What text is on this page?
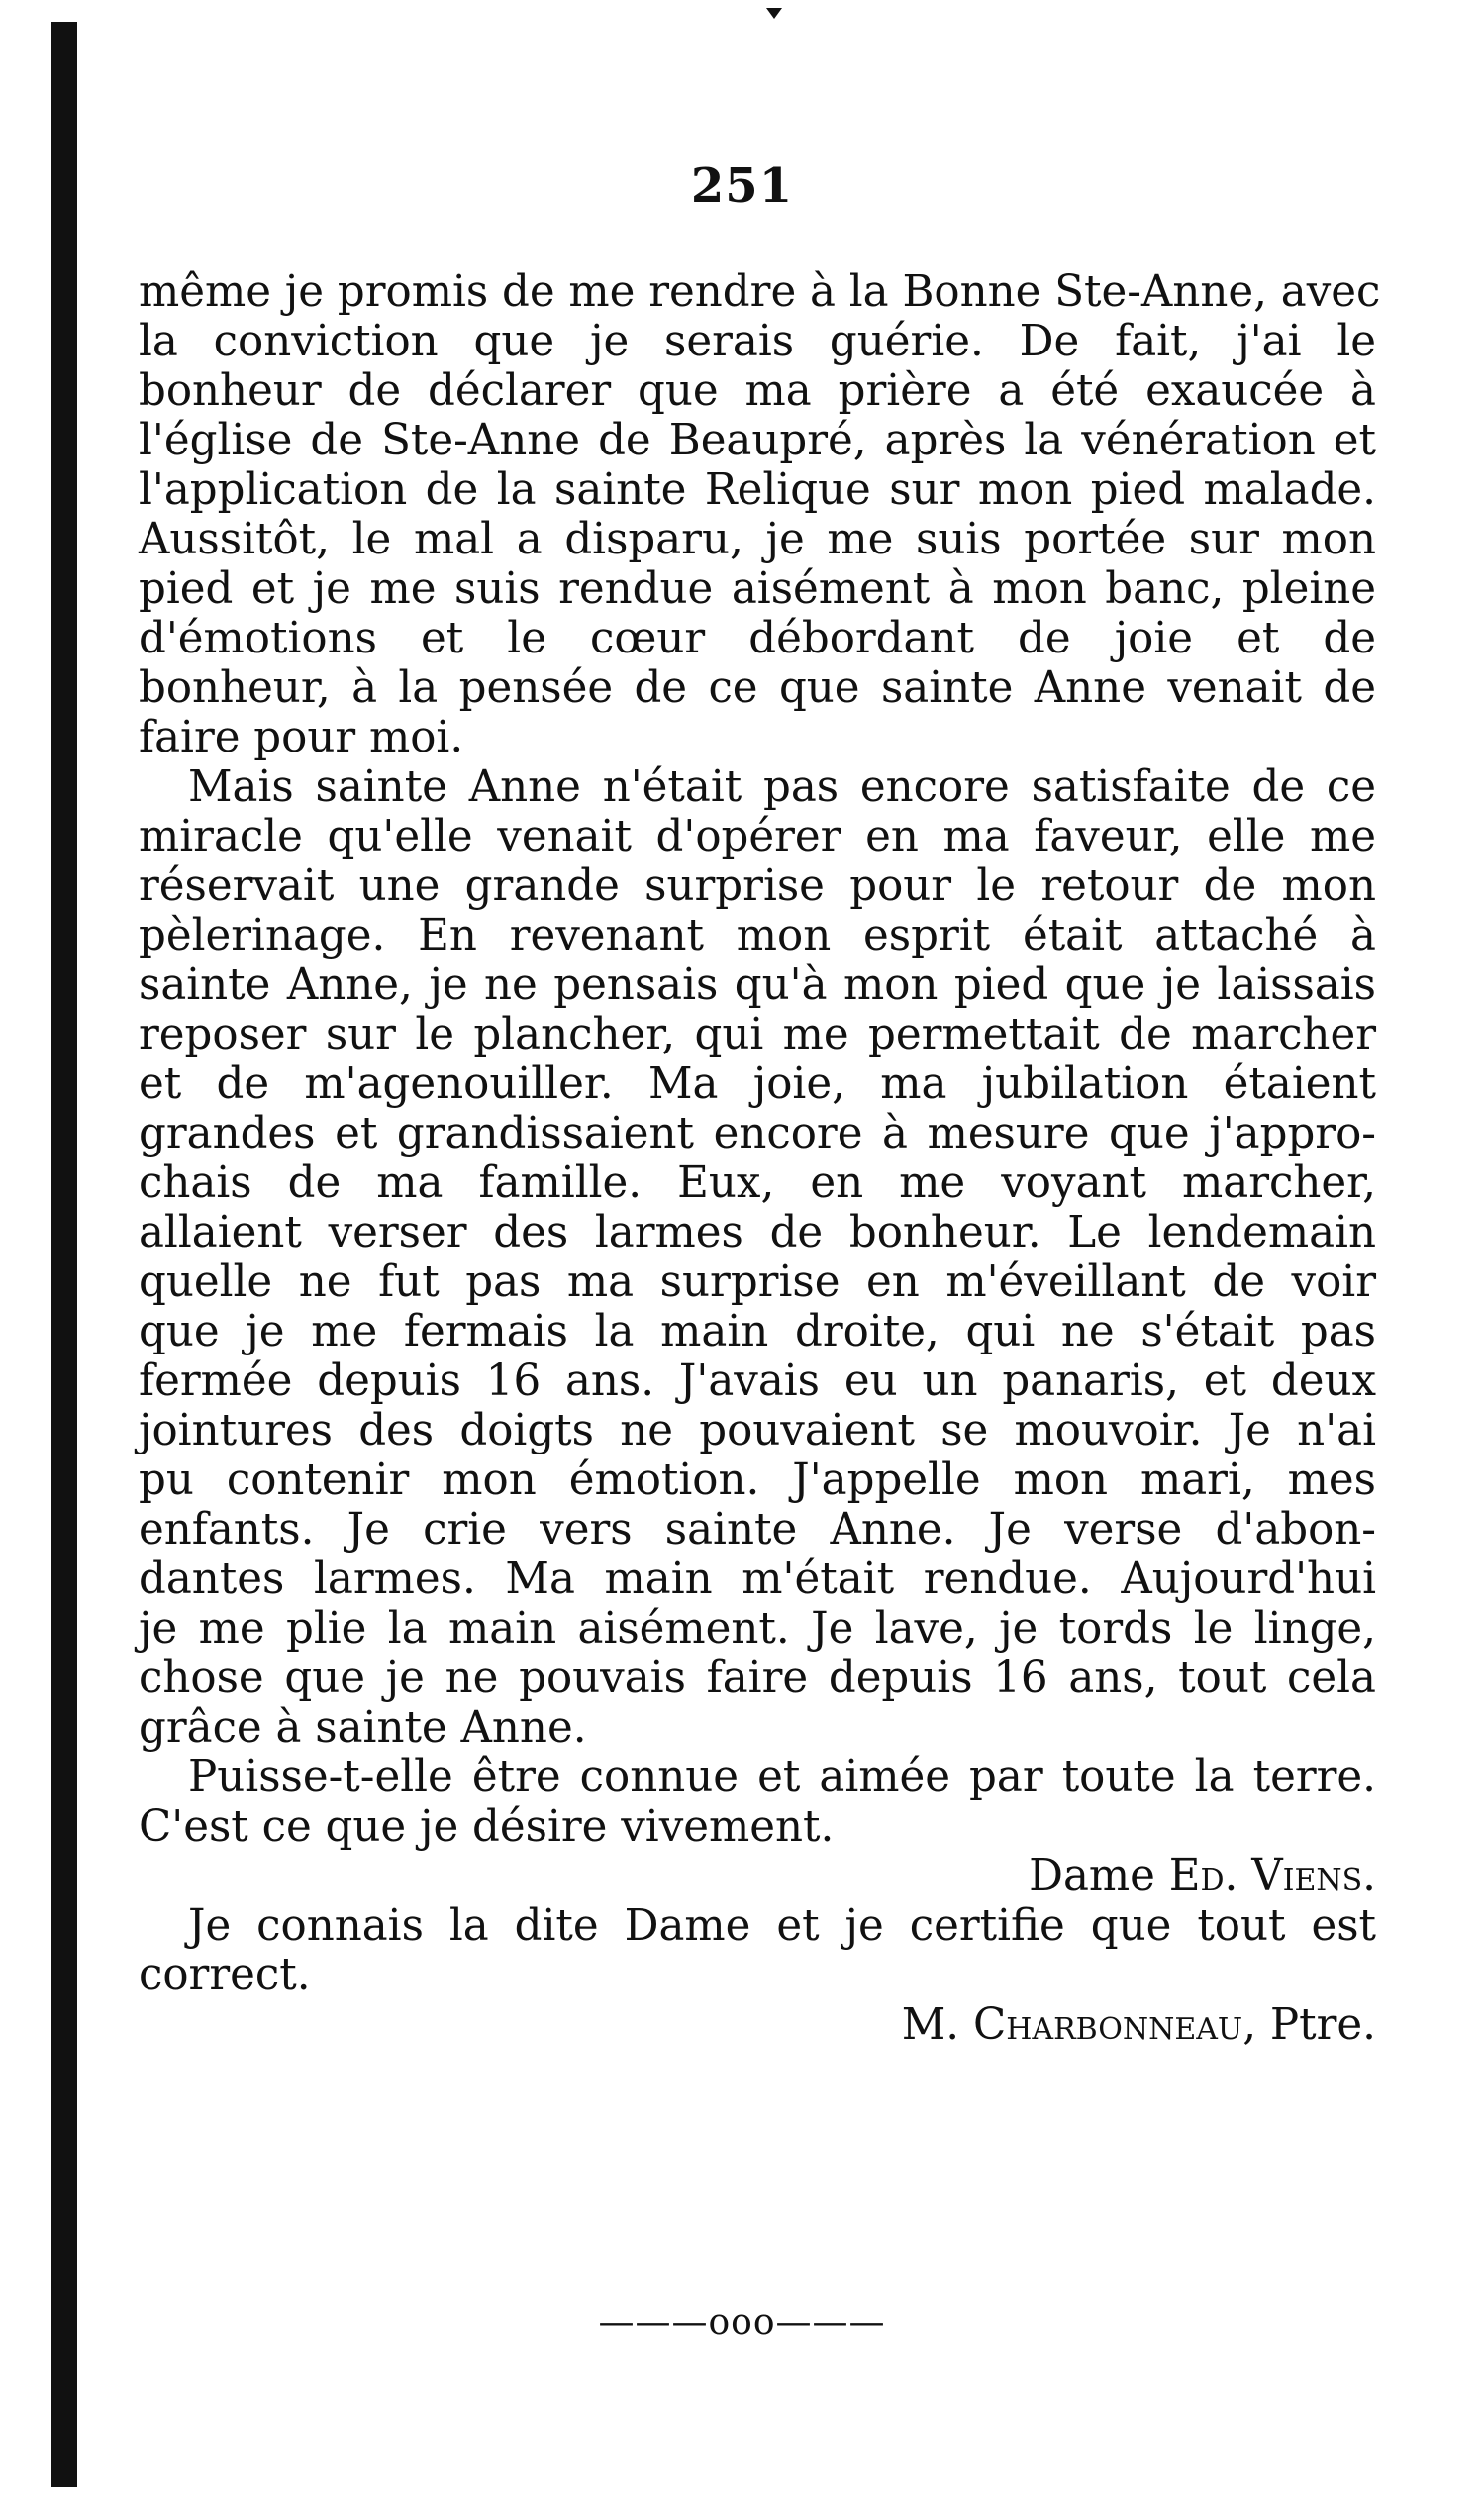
251
même je promis de me rendre à la Bonne Ste-Anne, avec
la conviction que je serais guérie. De fait, j'ai le
bonheur de déclarer que ma prière a été exaucée à
l'église de Ste-Anne de Beaupré, après la vénération et
l'application de la sainte Relique sur mon pied malade.
Aussitôt, le mal a disparu, je me suis portée sur mon
pied et je me suis rendue aisément à mon banc, pleine
d'émotions et le cœur débordant de joie et de
bonheur, à la pensée de ce que sainte Anne venait de
faire pour moi.
Mais sainte Anne n'était pas encore satisfaite de ce
miracle qu'elle venait d'opérer en ma faveur, elle me
réservait une grande surprise pour le retour de mon
pèlerinage. En revenant mon esprit était attaché à
sainte Anne, je ne pensais qu'à mon pied que je laissais
reposer sur le plancher, qui me permettait de marcher
et de m'agenouiller. Ma joie, ma jubilation étaient
grandes et grandissaient encore à mesure que j'appro-
chais de ma famille. Eux, en me voyant marcher,
allaient verser des larmes de bonheur. Le lendemain
quelle ne fut pas ma surprise en m'éveillant de voir
que je me fermais la main droite, qui ne s'était pas
fermée depuis 16 ans. J'avais eu un panaris, et deux
jointures des doigts ne pouvaient se mouvoir. Je n'ai
pu contenir mon émotion. J'appelle mon mari, mes
enfants. Je crie vers sainte Anne. Je verse d'abon-
dantes larmes. Ma main m'était rendue. Aujourd'hui
je me plie la main aisément. Je lave, je tords le linge,
chose que je ne pouvais faire depuis 16 ans, tout cela
grâce à sainte Anne.
Puisse-t-elle être connue et aimée par toute la terre.
C'est ce que je désire vivement.
Dame Ed. Viens.
Je connais la dite Dame et je certifie que tout est
correct.
M. Charbonneau, Ptre.
———ooo———
